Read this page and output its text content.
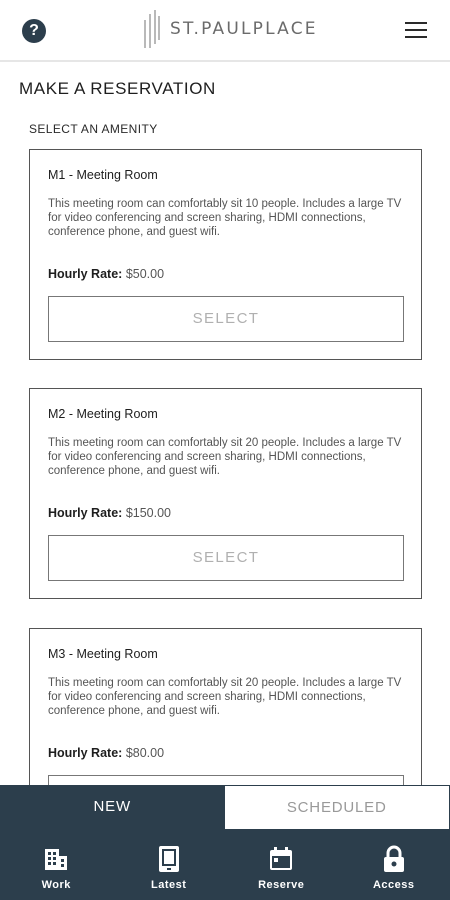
?	ST.PAULPLACE
MAKE A RESERVATION
SELECT AN AMENITY
M1 - Meeting Room
This meeting room can comfortably sit 10 people. Includes a large TV for video conferencing and screen sharing, HDMI connections, conference phone, and guest wifi.
Hourly Rate: $50.00
SELECT
M2 - Meeting Room
This meeting room can comfortably sit 20 people. Includes a large TV for video conferencing and screen sharing, HDMI connections, conference phone, and guest wifi.
Hourly Rate: $150.00
SELECT
M3 - Meeting Room
This meeting room can comfortably sit 20 people. Includes a large TV for video conferencing and screen sharing, HDMI connections, conference phone, and guest wifi.
Hourly Rate: $80.00
NEW	SCHEDULED
Work	Latest	Reserve	Access
